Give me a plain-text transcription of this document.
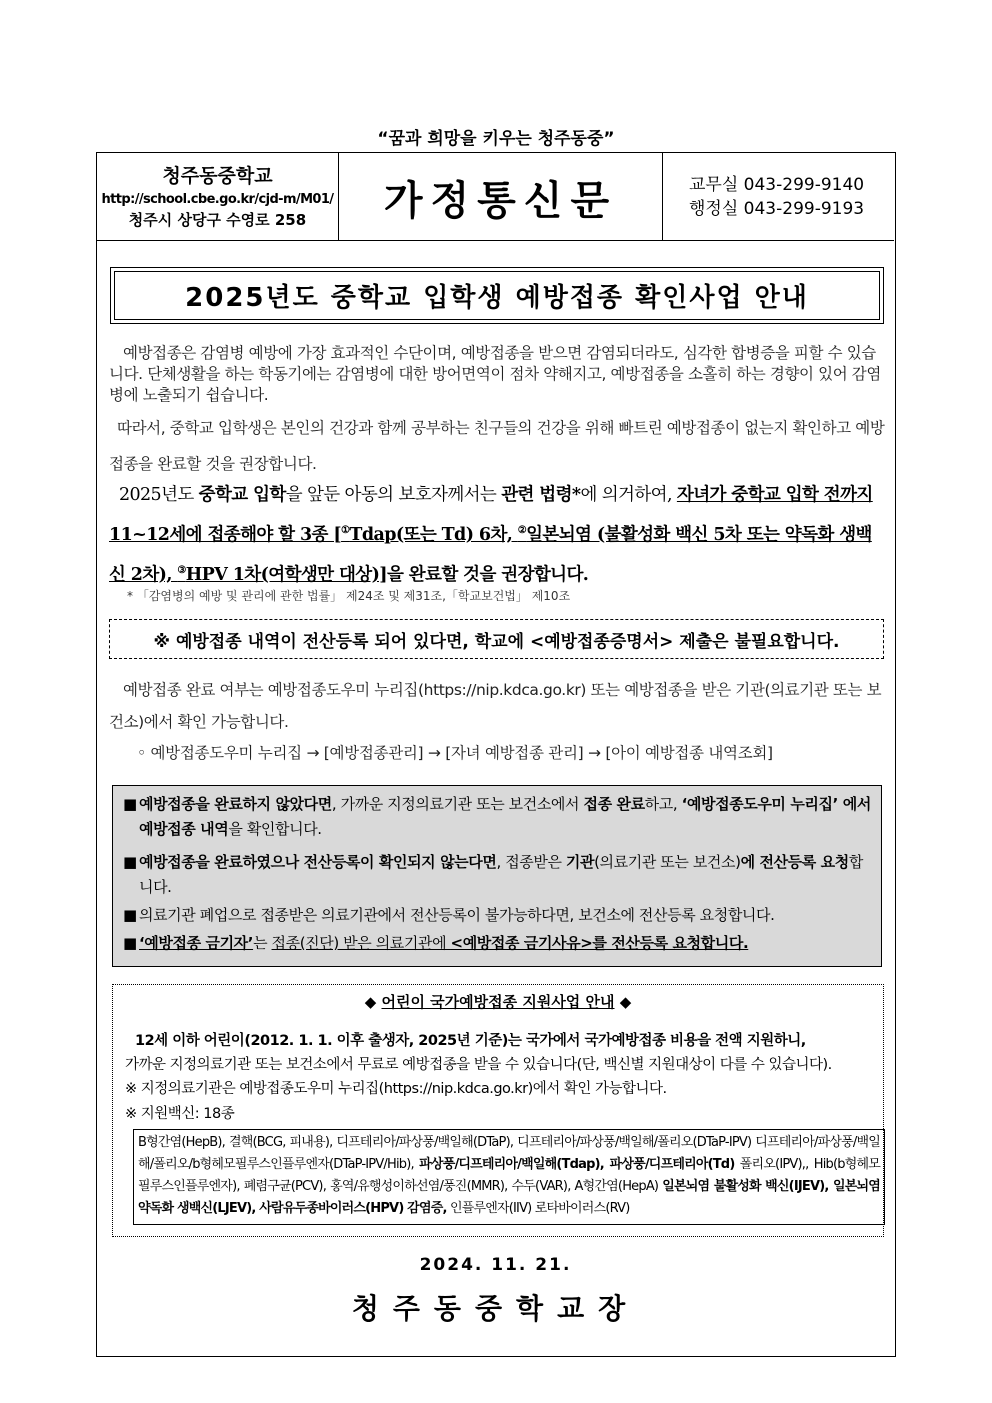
“꿈과 희망을 키우는 청주동중”
청주동중학교
http://school.cbe.go.kr/cjd-m/M01/
청주시 상당구 수영로 258	가정통신문	교무실 043-299-9140
행정실 043-299-9193
2025년도 중학교 입학생 예방접종 확인사업 안내
예방접종은 감염병 예방에 가장 효과적인 수단이며, 예방접종을 받으면 감염되더라도, 심각한 합병증을 피할 수 있습니다. 단체생활을 하는 학동기에는 감염병에 대한 방어면역이 점차 약해지고, 예방접종을 소홀히 하는 경향이 있어 감염병에 노출되기 쉽습니다.
따라서, 중학교 입학생은 본인의 건강과 함께 공부하는 친구들의 건강을 위해 빠트린 예방접종이 없는지 확인하고 예방접종을 완료할 것을 권장합니다.
2025년도 중학교 입학을 앞둔 아동의 보호자께서는 관련 법령*에 의거하여, 자녀가 중학교 입학 전까지 11~12세에 접종해야 할 3종 [①Tdap(또는 Td) 6차, ②일본뇌염 (불활성화 백신 5차 또는 약독화 생백신 2차), ③HPV 1차(여학생만 대상)]을 완료할 것을 권장합니다.
* 「감염병의 예방 및 관리에 관한 법률」 제24조 및 제31조,「학교보건법」 제10조
※ 예방접종 내역이 전산등록 되어 있다면, 학교에 <예방접종증명서> 제출은 불필요합니다.
예방접종 완료 여부는 예방접종도우미 누리집(https://nip.kdca.go.kr) 또는 예방접종을 받은 기관(의료기관 또는 보건소)에서 확인 가능합니다.
◦ 예방접종도우미 누리집 → [예방접종관리] → [자녀 예방접종 관리] → [아이 예방접종 내역조회]
■ 예방접종을 완료하지 않았다면, 가까운 지정의료기관 또는 보건소에서 접종 완료하고, ‘예방접종도우미 누리집’ 에서 예방접종 내역을 확인합니다.
■ 예방접종을 완료하였으나 전산등록이 확인되지 않는다면, 접종받은 기관(의료기관 또는 보건소)에 전산등록 요청합니다.
■ 의료기관 폐업으로 접종받은 의료기관에서 전산등록이 불가능하다면, 보건소에 전산등록 요청합니다.
■ ‘예방접종 금기자’는 접종(진단) 받은 의료기관에 <예방접종 금기사유>를 전산등록 요청합니다.
◆ 어린이 국가예방접종 지원사업 안내 ◆
12세 이하 어린이(2012. 1. 1. 이후 출생자, 2025년 기준)는 국가에서 국가예방접종 비용을 전액 지원하니,
가까운 지정의료기관 또는 보건소에서 무료로 예방접종을 받을 수 있습니다(단, 백신별 지원대상이 다를 수 있습니다).
※ 지정의료기관은 예방접종도우미 누리집(https://nip.kdca.go.kr)에서 확인 가능합니다.
※ 지원백신: 18종
B형간염(HepB), 결핵(BCG, 피내용), 디프테리아/파상풍/백일해(DTaP), 디프테리아/파상풍/백일해/폴리오(DTaP-IPV) 디프테리아/파상풍/백일해/폴리오/b형헤모필루스인플루엔자(DTaP-IPV/Hib), 파상풍/디프테리아/백일해(Tdap), 파상풍/디프테리아(Td) 폴리오(IPV),, Hib(b형헤모필루스인플루엔자), 폐렴구균(PCV), 홍역/유행성이하선염/풍진(MMR), 수두(VAR), A형간염(HepA) 일본뇌염 불활성화 백신(IJEV), 일본뇌염 약독화 생백신(LJEV), 사람유두종바이러스(HPV) 감염증, 인플루엔자(IIV) 로타바이러스(RV)
2024. 11. 21.
청주동중학교장
